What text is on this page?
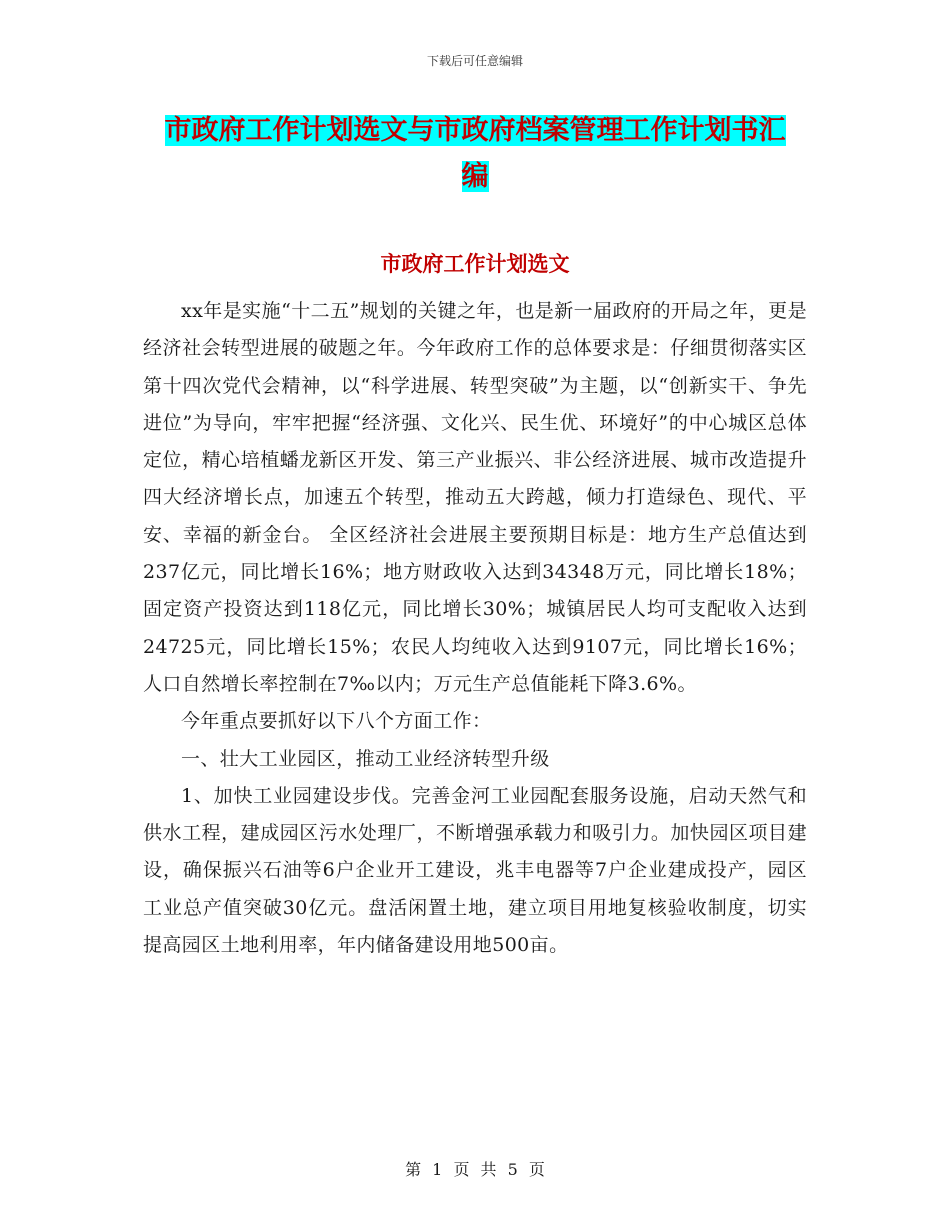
下载后可任意编辑
市政府工作计划选文与市政府档案管理工作计划书汇
编
市政府工作计划选文

xx年是实施“十二五”规划的关键之年，也是新一届政府的开局之年，更是经济社会转型进展的破题之年。今年政府工作的总体要求是：仔细贯彻落实区第十四次党代会精神，以“科学进展、转型突破”为主题，以“创新实干、争先进位”为导向，牢牢把握“经济强、文化兴、民生优、环境好”的中心城区总体定位，精心培植蟠龙新区开发、第三产业振兴、非公经济进展、城市改造提升四大经济增长点，加速五个转型，推动五大跨越，倾力打造绿色、现代、平安、幸福的新金台。 全区经济社会进展主要预期目标是：地方生产总值达到237亿元，同比增长16%；地方财政收入达到34348万元，同比增长18%；固定资产投资达到118亿元，同比增长30%；城镇居民人均可支配收入达到24725元，同比增长15%；农民人均纯收入达到9107元，同比增长16%；人口自然增长率控制在7‰以内；万元生产总值能耗下降3.6%。

今年重点要抓好以下八个方面工作：

一、壮大工业园区，推动工业经济转型升级

1、加快工业园建设步伐。完善金河工业园配套服务设施，启动天然气和供水工程，建成园区污水处理厂，不断增强承载力和吸引力。加快园区项目建设，确保振兴石油等6户企业开工建设，兆丰电器等7户企业建成投产，园区工业总产值突破30亿元。盘活闲置土地，建立项目用地复核验收制度，切实提高园区土地利用率，年内储备建设用地500亩。

第 1 页 共 5 页
